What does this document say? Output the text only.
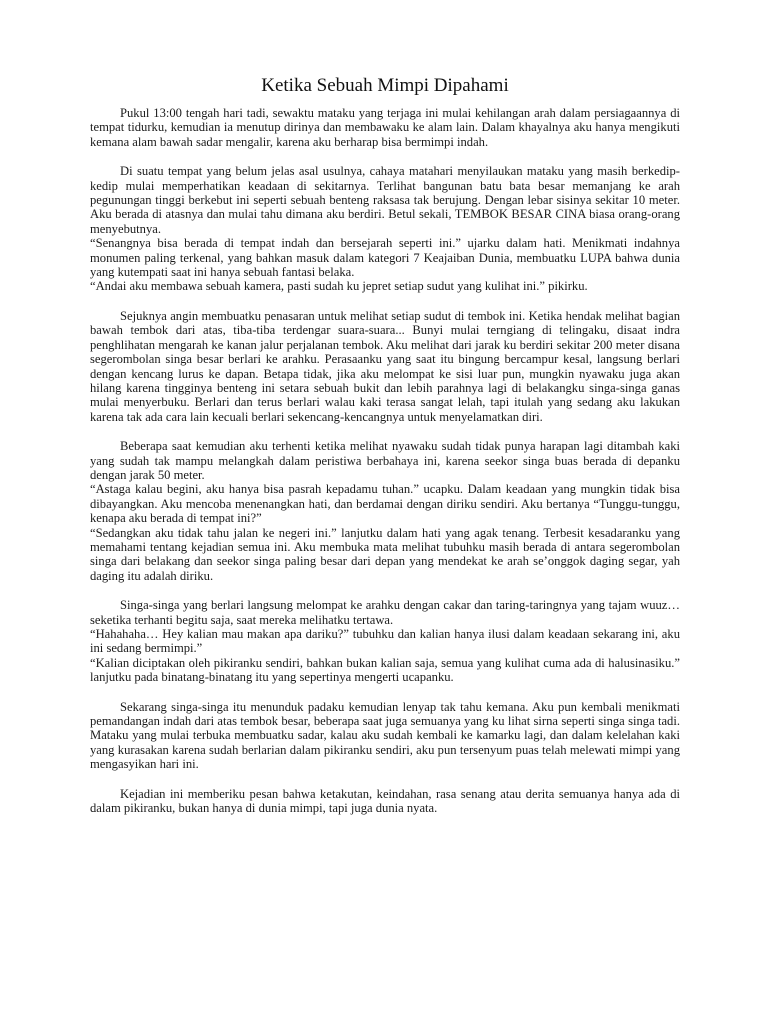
Ketika Sebuah Mimpi Dipahami
Pukul 13:00 tengah hari tadi, sewaktu mataku yang terjaga ini mulai kehilangan arah dalam persiagaannya di tempat tidurku, kemudian ia menutup dirinya dan membawaku ke alam lain. Dalam khayalnya aku hanya mengikuti kemana alam bawah sadar mengalir, karena aku berharap bisa bermimpi indah.
Di suatu tempat yang belum jelas asal usulnya, cahaya matahari menyilaukan mataku yang masih berkedip-kedip mulai memperhatikan keadaan di sekitarnya. Terlihat bangunan batu bata besar memanjang ke arah pegunungan tinggi berkebut ini seperti sebuah benteng raksasa tak berujung. Dengan lebar sisinya sekitar 10 meter. Aku berada di atasnya dan mulai tahu dimana aku berdiri. Betul sekali, TEMBOK BESAR CINA biasa orang-orang menyebutnya.
“Senangnya bisa berada di tempat indah dan bersejarah seperti ini.” ujarku dalam hati. Menikmati indahnya monumen paling terkenal, yang bahkan masuk dalam kategori 7 Keajaiban Dunia, membuatku LUPA bahwa dunia yang kutempati saat ini hanya sebuah fantasi belaka.
“Andai aku membawa sebuah kamera, pasti sudah ku jepret setiap sudut yang kulihat ini.” pikirku.
Sejuknya angin membuatku penasaran untuk melihat setiap sudut di tembok ini. Ketika hendak melihat bagian bawah tembok dari atas, tiba-tiba terdengar suara-suara... Bunyi mulai terngiang di telingaku, disaat indra penghlihatan mengarah ke kanan jalur perjalanan tembok. Aku melihat dari jarak ku berdiri sekitar 200 meter disana segerombolan singa besar berlari ke arahku. Perasaanku yang saat itu bingung bercampur kesal, langsung berlari dengan kencang lurus ke dapan. Betapa tidak, jika aku melompat ke sisi luar pun, mungkin nyawaku juga akan hilang karena tingginya benteng ini setara sebuah bukit dan lebih parahnya lagi di belakangku singa-singa ganas mulai menyerbuku. Berlari dan terus berlari walau kaki terasa sangat lelah, tapi itulah yang sedang aku lakukan karena tak ada cara lain kecuali berlari sekencang-kencangnya untuk menyelamatkan diri.
Beberapa saat kemudian aku terhenti ketika melihat nyawaku sudah tidak punya harapan lagi ditambah kaki yang sudah tak mampu melangkah dalam peristiwa berbahaya ini, karena seekor singa buas berada di depanku dengan jarak 50 meter.
“Astaga kalau begini, aku hanya bisa pasrah kepadamu tuhan.” ucapku. Dalam keadaan yang mungkin tidak bisa dibayangkan. Aku mencoba menenangkan hati, dan berdamai dengan diriku sendiri. Aku bertanya “Tunggu-tunggu, kenapa aku berada di tempat ini?”
“Sedangkan aku tidak tahu jalan ke negeri ini.” lanjutku dalam hati yang agak tenang. Terbesit kesadaranku yang memahami tentang kejadian semua ini. Aku membuka mata melihat tubuhku masih berada di antara segerombolan singa dari belakang dan seekor singa paling besar dari depan yang mendekat ke arah se’onggok daging segar, yah daging itu adalah diriku.
Singa-singa yang berlari langsung melompat ke arahku dengan cakar dan taring-taringnya yang tajam wuuz… seketika terhanti begitu saja, saat mereka melihatku tertawa.
“Hahahaha… Hey kalian mau makan apa dariku?” tubuhku dan kalian hanya ilusi dalam keadaan sekarang ini, aku ini sedang bermimpi.”
“Kalian diciptakan oleh pikiranku sendiri, bahkan bukan kalian saja, semua yang kulihat cuma ada di halusinasiku.” lanjutku pada binatang-binatang itu yang sepertinya mengerti ucapanku.
Sekarang singa-singa itu menunduk padaku kemudian lenyap tak tahu kemana. Aku pun kembali menikmati pemandangan indah dari atas tembok besar, beberapa saat juga semuanya yang ku lihat sirna seperti singa singa tadi. Mataku yang mulai terbuka membuatku sadar, kalau aku sudah kembali ke kamarku lagi, dan dalam kelelahan kaki yang kurasakan karena sudah berlarian dalam pikiranku sendiri, aku pun tersenyum puas telah melewati mimpi yang mengasyikan hari ini.
Kejadian ini memberiku pesan bahwa ketakutan, keindahan, rasa senang atau derita semuanya hanya ada di dalam pikiranku, bukan hanya di dunia mimpi, tapi juga dunia nyata.
